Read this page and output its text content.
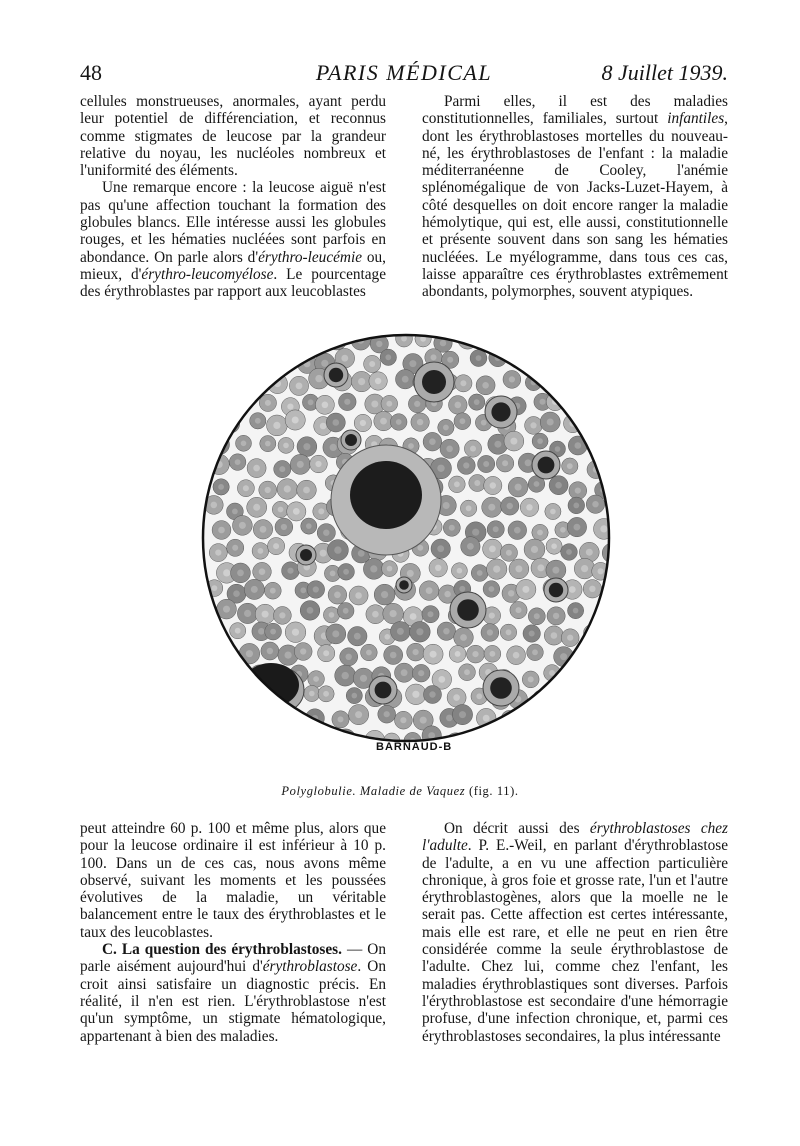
48	PARIS MÉDICAL	8 Juillet 1939.

cellules monstrueuses, anormales, ayant perdu leur potentiel de différenciation, et reconnus comme stigmates de leucose par la grandeur relative du noyau, les nucléoles nombreux et l'uniformité des éléments.

Une remarque encore : la leucose aiguë n'est pas qu'une affection touchant la formation des globules blancs. Elle intéresse aussi les globules rouges, et les hématies nucléées sont parfois en abondance. On parle alors d'érythro-leucémie ou, mieux, d'érythro-leucomyélose. Le pourcentage des érythroblastes par rapport aux leucoblastes

Parmi elles, il est des maladies constitutionnelles, familiales, surtout infantiles, dont les érythroblastoses mortelles du nouveau-né, les érythroblastoses de l'enfant : la maladie méditerranéenne de Cooley, l'anémie splénomégalique de von Jacks-Luzet-Hayem, à côté desquelles on doit encore ranger la maladie hémolytique, qui est, elle aussi, constitutionnelle et présente souvent dans son sang les hématies nucléées. Le myélogramme, dans tous ces cas, laisse apparaître ces érythroblastes extrêmement abondants, polymorphes, souvent atypiques.

BARNAUD-B
Polyglobulie. Maladie de Vaquez (fig. 11).

peut atteindre 60 p. 100 et même plus, alors que pour la leucose ordinaire il est inférieur à 10 p. 100. Dans un de ces cas, nous avons même observé, suivant les moments et les poussées évolutives de la maladie, un véritable balancement entre le taux des érythroblastes et le taux des leucoblastes.

C. La question des érythroblastoses. — On parle aisément aujourd'hui d'érythroblastose. On croit ainsi satisfaire un diagnostic précis. En réalité, il n'en est rien. L'érythroblastose n'est qu'un symptôme, un stigmate hématologique, appartenant à bien des maladies.

On décrit aussi des érythroblastoses chez l'adulte. P. E.-Weil, en parlant d'érythroblastose de l'adulte, a en vu une affection particulière chronique, à gros foie et grosse rate, l'un et l'autre érythroblastogènes, alors que la moelle ne le serait pas. Cette affection est certes intéressante, mais elle est rare, et elle ne peut en rien être considérée comme la seule érythroblastose de l'adulte. Chez lui, comme chez l'enfant, les maladies érythroblastiques sont diverses. Parfois l'érythroblastose est secondaire d'une hémorragie profuse, d'une infection chronique, et, parmi ces érythroblastoses secondaires, la plus intéressante
